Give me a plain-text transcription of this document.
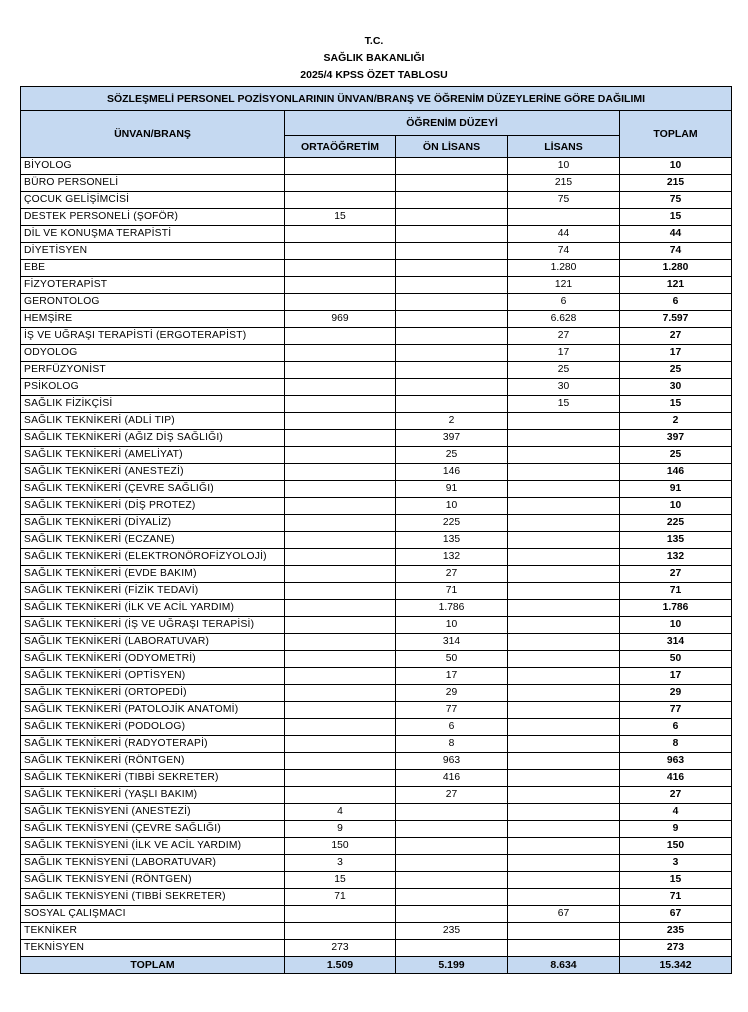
T.C.
SAĞLIK BAKANLIĞI
2025/4 KPSS ÖZET TABLOSU
SÖZLEŞMELİ PERSONEL POZİSYONLARININ ÜNVAN/BRANŞ VE ÖĞRENİM DÜZEYLERİNE GÖRE DAĞILIMI				
ÜNVAN/BRANŞ	ÖĞRENİM DÜZEYİ			TOPLAM
	ORTAÖĞRETİM	ÖN LİSANS	LİSANS	
BİYOLOG			10	10
BÜRO PERSONELİ			215	215
ÇOCUK GELİŞİMCİSİ			75	75
DESTEK PERSONELİ (ŞOFÖR)	15			15
DİL VE KONUŞMA TERAPİSTİ			44	44
DİYETİSYEN			74	74
EBE			1.280	1.280
FİZYOTERAPİST			121	121
GERONTOLOG			6	6
HEMŞİRE	969		6.628	7.597
İŞ VE UĞRAŞI TERAPİSTİ (ERGOTERAPİST)			27	27
ODYOLOG			17	17
PERFÜZYONİST			25	25
PSİKOLOG			30	30
SAĞLIK FİZİKÇİSİ			15	15
SAĞLIK TEKNİKERİ (ADLİ TIP)		2		2
SAĞLIK TEKNİKERİ (AĞIZ DİŞ SAĞLIĞI)		397		397
SAĞLIK TEKNİKERİ (AMELİYAT)		25		25
SAĞLIK TEKNİKERİ (ANESTEZİ)		146		146
SAĞLIK TEKNİKERİ (ÇEVRE SAĞLIĞI)		91		91
SAĞLIK TEKNİKERİ (DİŞ PROTEZ)		10		10
SAĞLIK TEKNİKERİ (DİYALİZ)		225		225
SAĞLIK TEKNİKERİ (ECZANE)		135		135
SAĞLIK TEKNİKERİ (ELEKTRONÖROFİZYOLOJİ)		132		132
SAĞLIK TEKNİKERİ (EVDE BAKIM)		27		27
SAĞLIK TEKNİKERİ (FİZİK TEDAVİ)		71		71
SAĞLIK TEKNİKERİ (İLK VE ACİL YARDIM)		1.786		1.786
SAĞLIK TEKNİKERİ (İŞ VE UĞRAŞI TERAPİSİ)		10		10
SAĞLIK TEKNİKERİ (LABORATUVAR)		314		314
SAĞLIK TEKNİKERİ (ODYOMETRİ)		50		50
SAĞLIK TEKNİKERİ (OPTİSYEN)		17		17
SAĞLIK TEKNİKERİ (ORTOPEDİ)		29		29
SAĞLIK TEKNİKERİ (PATOLOJİK ANATOMİ)		77		77
SAĞLIK TEKNİKERİ (PODOLOG)		6		6
SAĞLIK TEKNİKERİ (RADYOTERAPİ)		8		8
SAĞLIK TEKNİKERİ (RÖNTGEN)		963		963
SAĞLIK TEKNİKERİ (TIBBİ SEKRETER)		416		416
SAĞLIK TEKNİKERİ (YAŞLI BAKIM)		27		27
SAĞLIK TEKNİSYENİ (ANESTEZİ)	4			4
SAĞLIK TEKNİSYENİ (ÇEVRE SAĞLIĞI)	9			9
SAĞLIK TEKNİSYENİ (İLK VE ACİL YARDIM)	150			150
SAĞLIK TEKNİSYENİ (LABORATUVAR)	3			3
SAĞLIK TEKNİSYENİ (RÖNTGEN)	15			15
SAĞLIK TEKNİSYENİ (TIBBİ SEKRETER)	71			71
SOSYAL ÇALIŞMACI			67	67
TEKNİKER		235		235
TEKNİSYEN	273			273
TOPLAM	1.509	5.199	8.634	15.342
